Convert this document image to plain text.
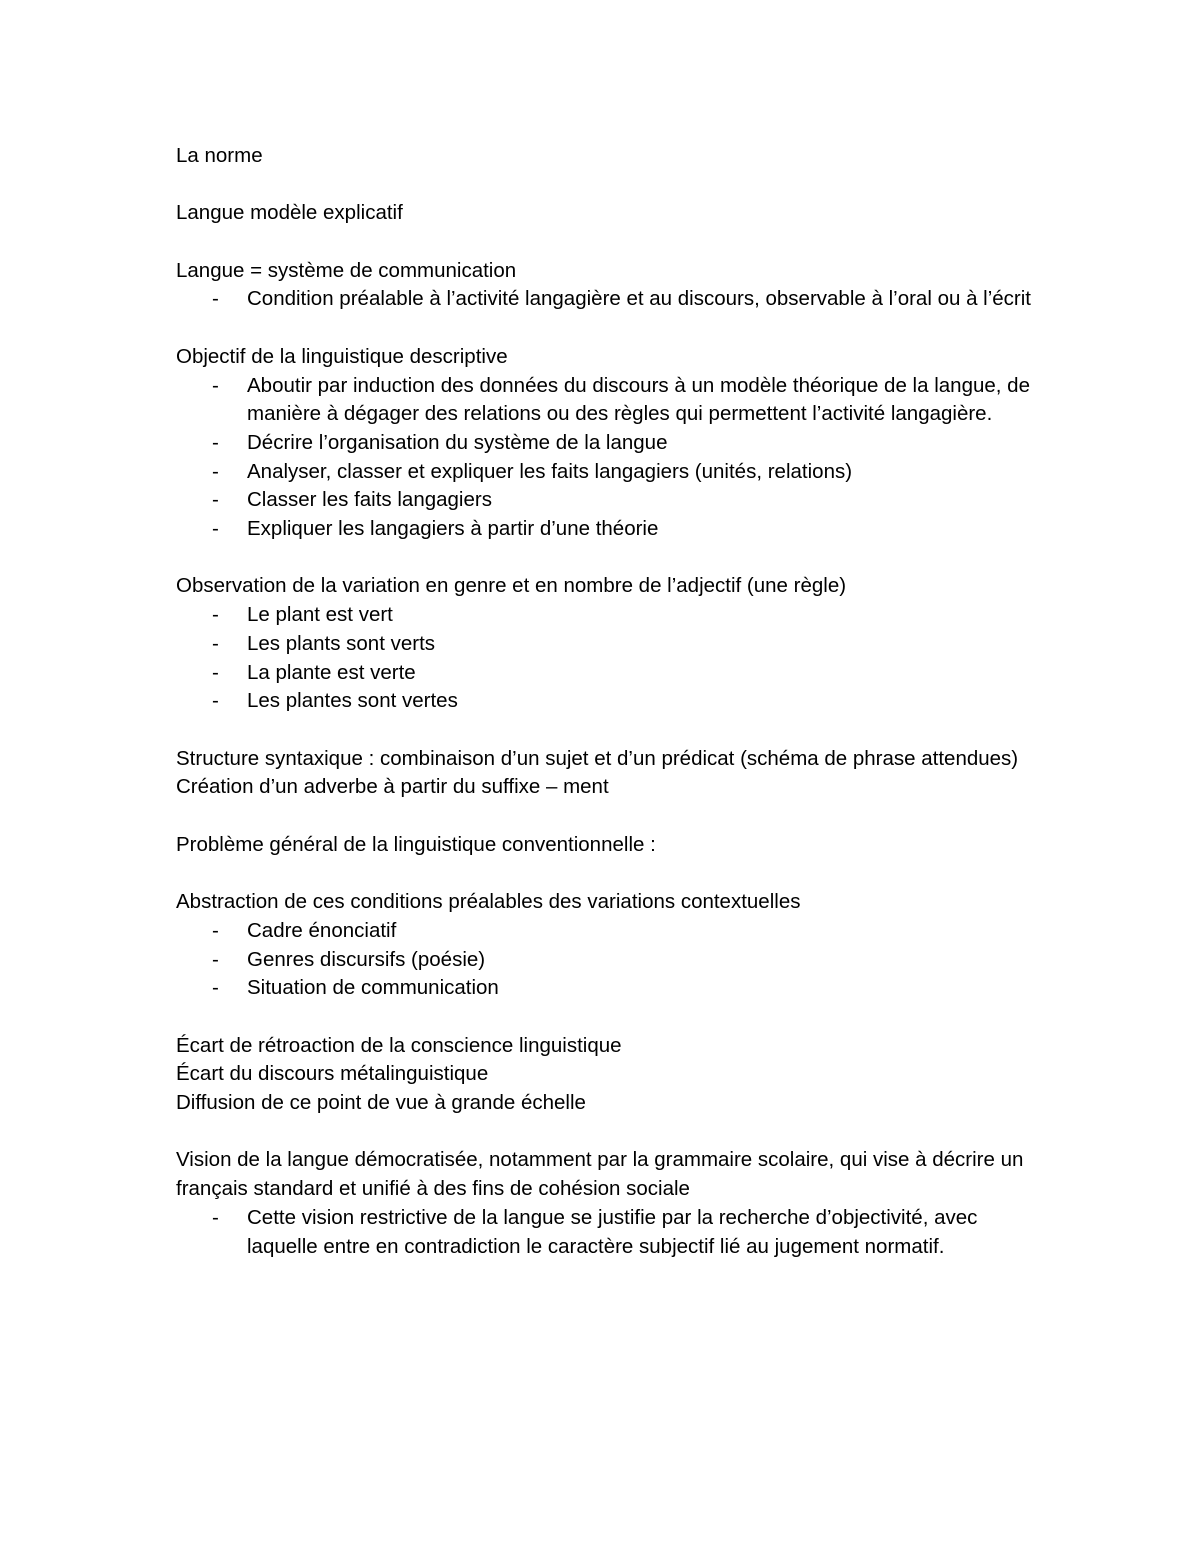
La norme

Langue modèle explicatif

Langue = système de communication

- Condition préalable à l’activité langagière et au discours, observable à l’oral ou à l’écrit

Objectif de la linguistique descriptive

- Aboutir par induction des données du discours à un modèle théorique de la langue, de manière à dégager des relations ou des règles qui permettent l’activité langagière.
- Décrire l’organisation du système de la langue
- Analyser, classer et expliquer les faits langagiers (unités, relations)
- Classer les faits langagiers
- Expliquer les langagiers à partir d’une théorie

Observation de la variation en genre et en nombre de l’adjectif (une règle)

- Le plant est vert
- Les plants sont verts
- La plante est verte
- Les plantes sont vertes

Structure syntaxique : combinaison d’un sujet et d’un prédicat (schéma de phrase attendues)

Création d’un adverbe à partir du suffixe – ment

Problème général de la linguistique conventionnelle :

Abstraction de ces conditions préalables des variations contextuelles

- Cadre énonciatif
- Genres discursifs (poésie)
- Situation de communication

Écart de rétroaction de la conscience linguistique

Écart du discours métalinguistique

Diffusion de ce point de vue à grande échelle

Vision de la langue démocratisée, notamment par la grammaire scolaire, qui vise à décrire un français standard et unifié à des fins de cohésion sociale

- Cette vision restrictive de la langue se justifie par la recherche d’objectivité, avec laquelle entre en contradiction le caractère subjectif lié au jugement normatif.
